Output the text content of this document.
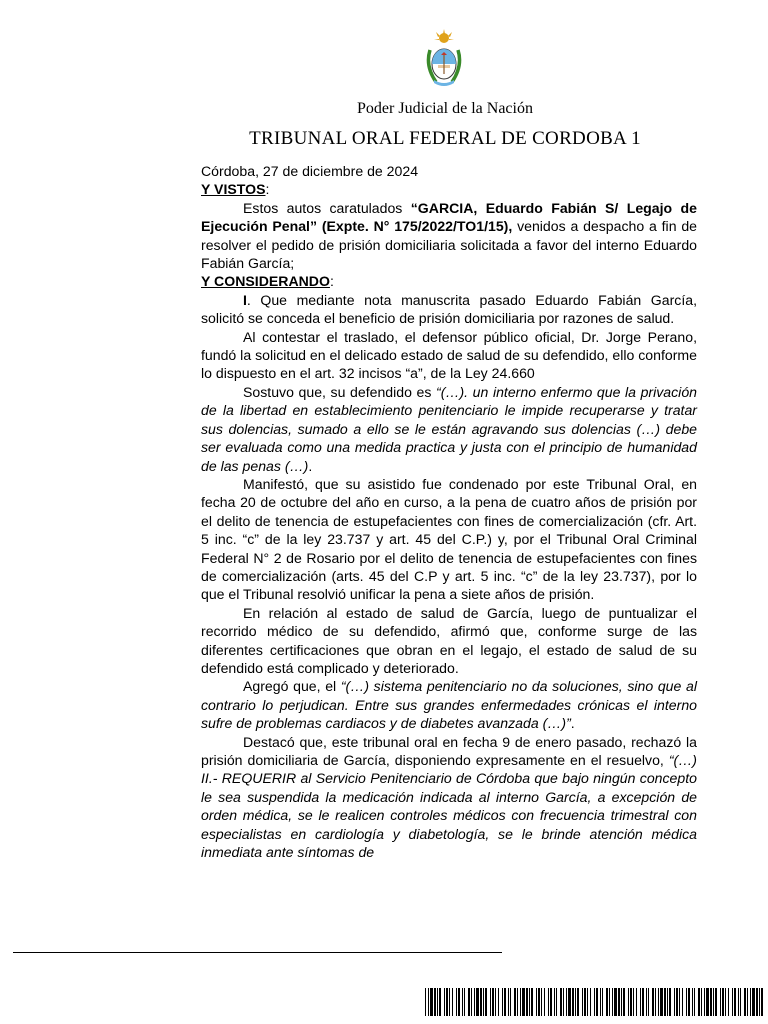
Poder Judicial de la Nación
TRIBUNAL ORAL FEDERAL DE CORDOBA 1

Córdoba, 27 de diciembre de 2024

Y VISTOS:

Estos autos caratulados “GARCIA, Eduardo Fabián S/ Legajo de Ejecución Penal” (Expte. N° 175/2022/TO1/15), venidos a despacho a fin de resolver el pedido de prisión domiciliaria solicitada a favor del interno Eduardo Fabián García;

Y CONSIDERANDO:

I. Que mediante nota manuscrita pasado Eduardo Fabián García, solicitó se conceda el beneficio de prisión domiciliaria por razones de salud.

Al contestar el traslado, el defensor público oficial, Dr. Jorge Perano, fundó la solicitud en el delicado estado de salud de su defendido, ello conforme lo dispuesto en el art. 32 incisos “a”, de la Ley 24.660

Sostuvo que, su defendido es “(…). un interno enfermo que la privación de la libertad en establecimiento penitenciario le impide recuperarse y tratar sus dolencias, sumado a ello se le están agravando sus dolencias (…) debe ser evaluada como una medida practica y justa con el principio de humanidad de las penas (…).

Manifestó, que su asistido fue condenado por este Tribunal Oral, en fecha 20 de octubre del año en curso, a la pena de cuatro años de prisión por el delito de tenencia de estupefacientes con fines de comercialización (cfr. Art. 5 inc. “c” de la ley 23.737 y art. 45 del C.P.) y, por el Tribunal Oral Criminal Federal N° 2 de Rosario por el delito de tenencia de estupefacientes con fines de comercialización (arts. 45 del C.P y art. 5 inc. “c” de la ley 23.737), por lo que el Tribunal resolvió unificar la pena a siete años de prisión.

En relación al estado de salud de García, luego de puntualizar el recorrido médico de su defendido, afirmó que, conforme surge de las diferentes certificaciones que obran en el legajo, el estado de salud de su defendido está complicado y deteriorado.

Agregó que, el “(…) sistema penitenciario no da soluciones, sino que al contrario lo perjudican. Entre sus grandes enfermedades crónicas el interno sufre de problemas cardiacos y de diabetes avanzada (…)”.

Destacó que, este tribunal oral en fecha 9 de enero pasado, rechazó la prisión domiciliaria de García, disponiendo expresamente en el resuelvo, “(…) II.- REQUERIR al Servicio Penitenciario de Córdoba que bajo ningún concepto le sea suspendida la medicación indicada al interno García, a excepción de orden médica, se le realicen controles médicos con frecuencia trimestral con especialistas en cardiología y diabetología, se le brinde atención médica inmediata ante síntomas de
